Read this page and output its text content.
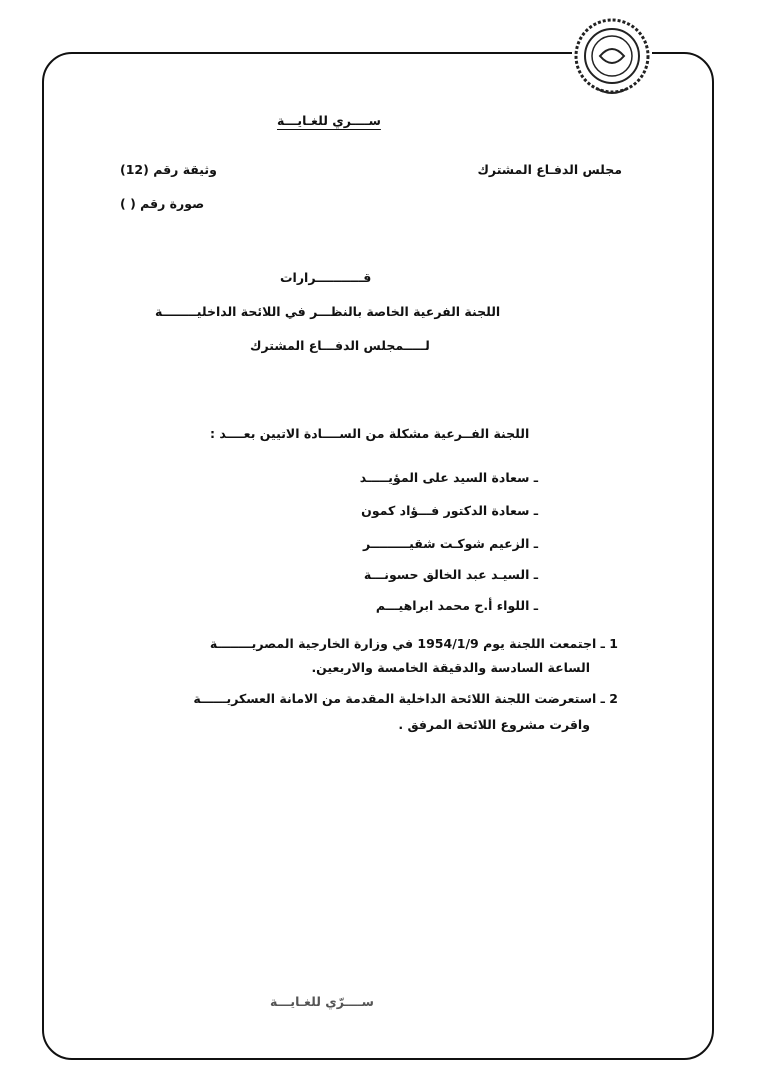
ســــري للغـايـــة
مجلس الدفـاع المشترك
وثيقة رقم (12)
صورة رقم ( )
قـــــــــــرارات
اللجنة الفرعية الخاصة بالنظـــر في اللائحة الداخليــــــــة
لـــــمجلس الدفـــاع المشترك
اللجنة الفــرعية مشكلة من الســــادة الاتيين بعــــد :
ـ سعادة السيد على المؤيـــــد
ـ سعادة الدكتور فـــؤاد كمون
ـ الزعيم شوكـت شقيـــــــــر
ـ السيـد عبد الخالق حسونـــة
ـ اللواء أ.ح محمد ابراهيـــم
1 ـ اجتمعت اللجنة يوم 1954/1/9 في وزارة الخارجية المصريــــــــة
الساعة السادسة والدقيقة الخامسة والاربعين.
2 ـ استعرضت اللجنة اللائحة الداخلية المقدمة من الامانة العسكريــــــة
واقرت مشروع اللائحة المرفق .
ســــرّي للغـايـــة
